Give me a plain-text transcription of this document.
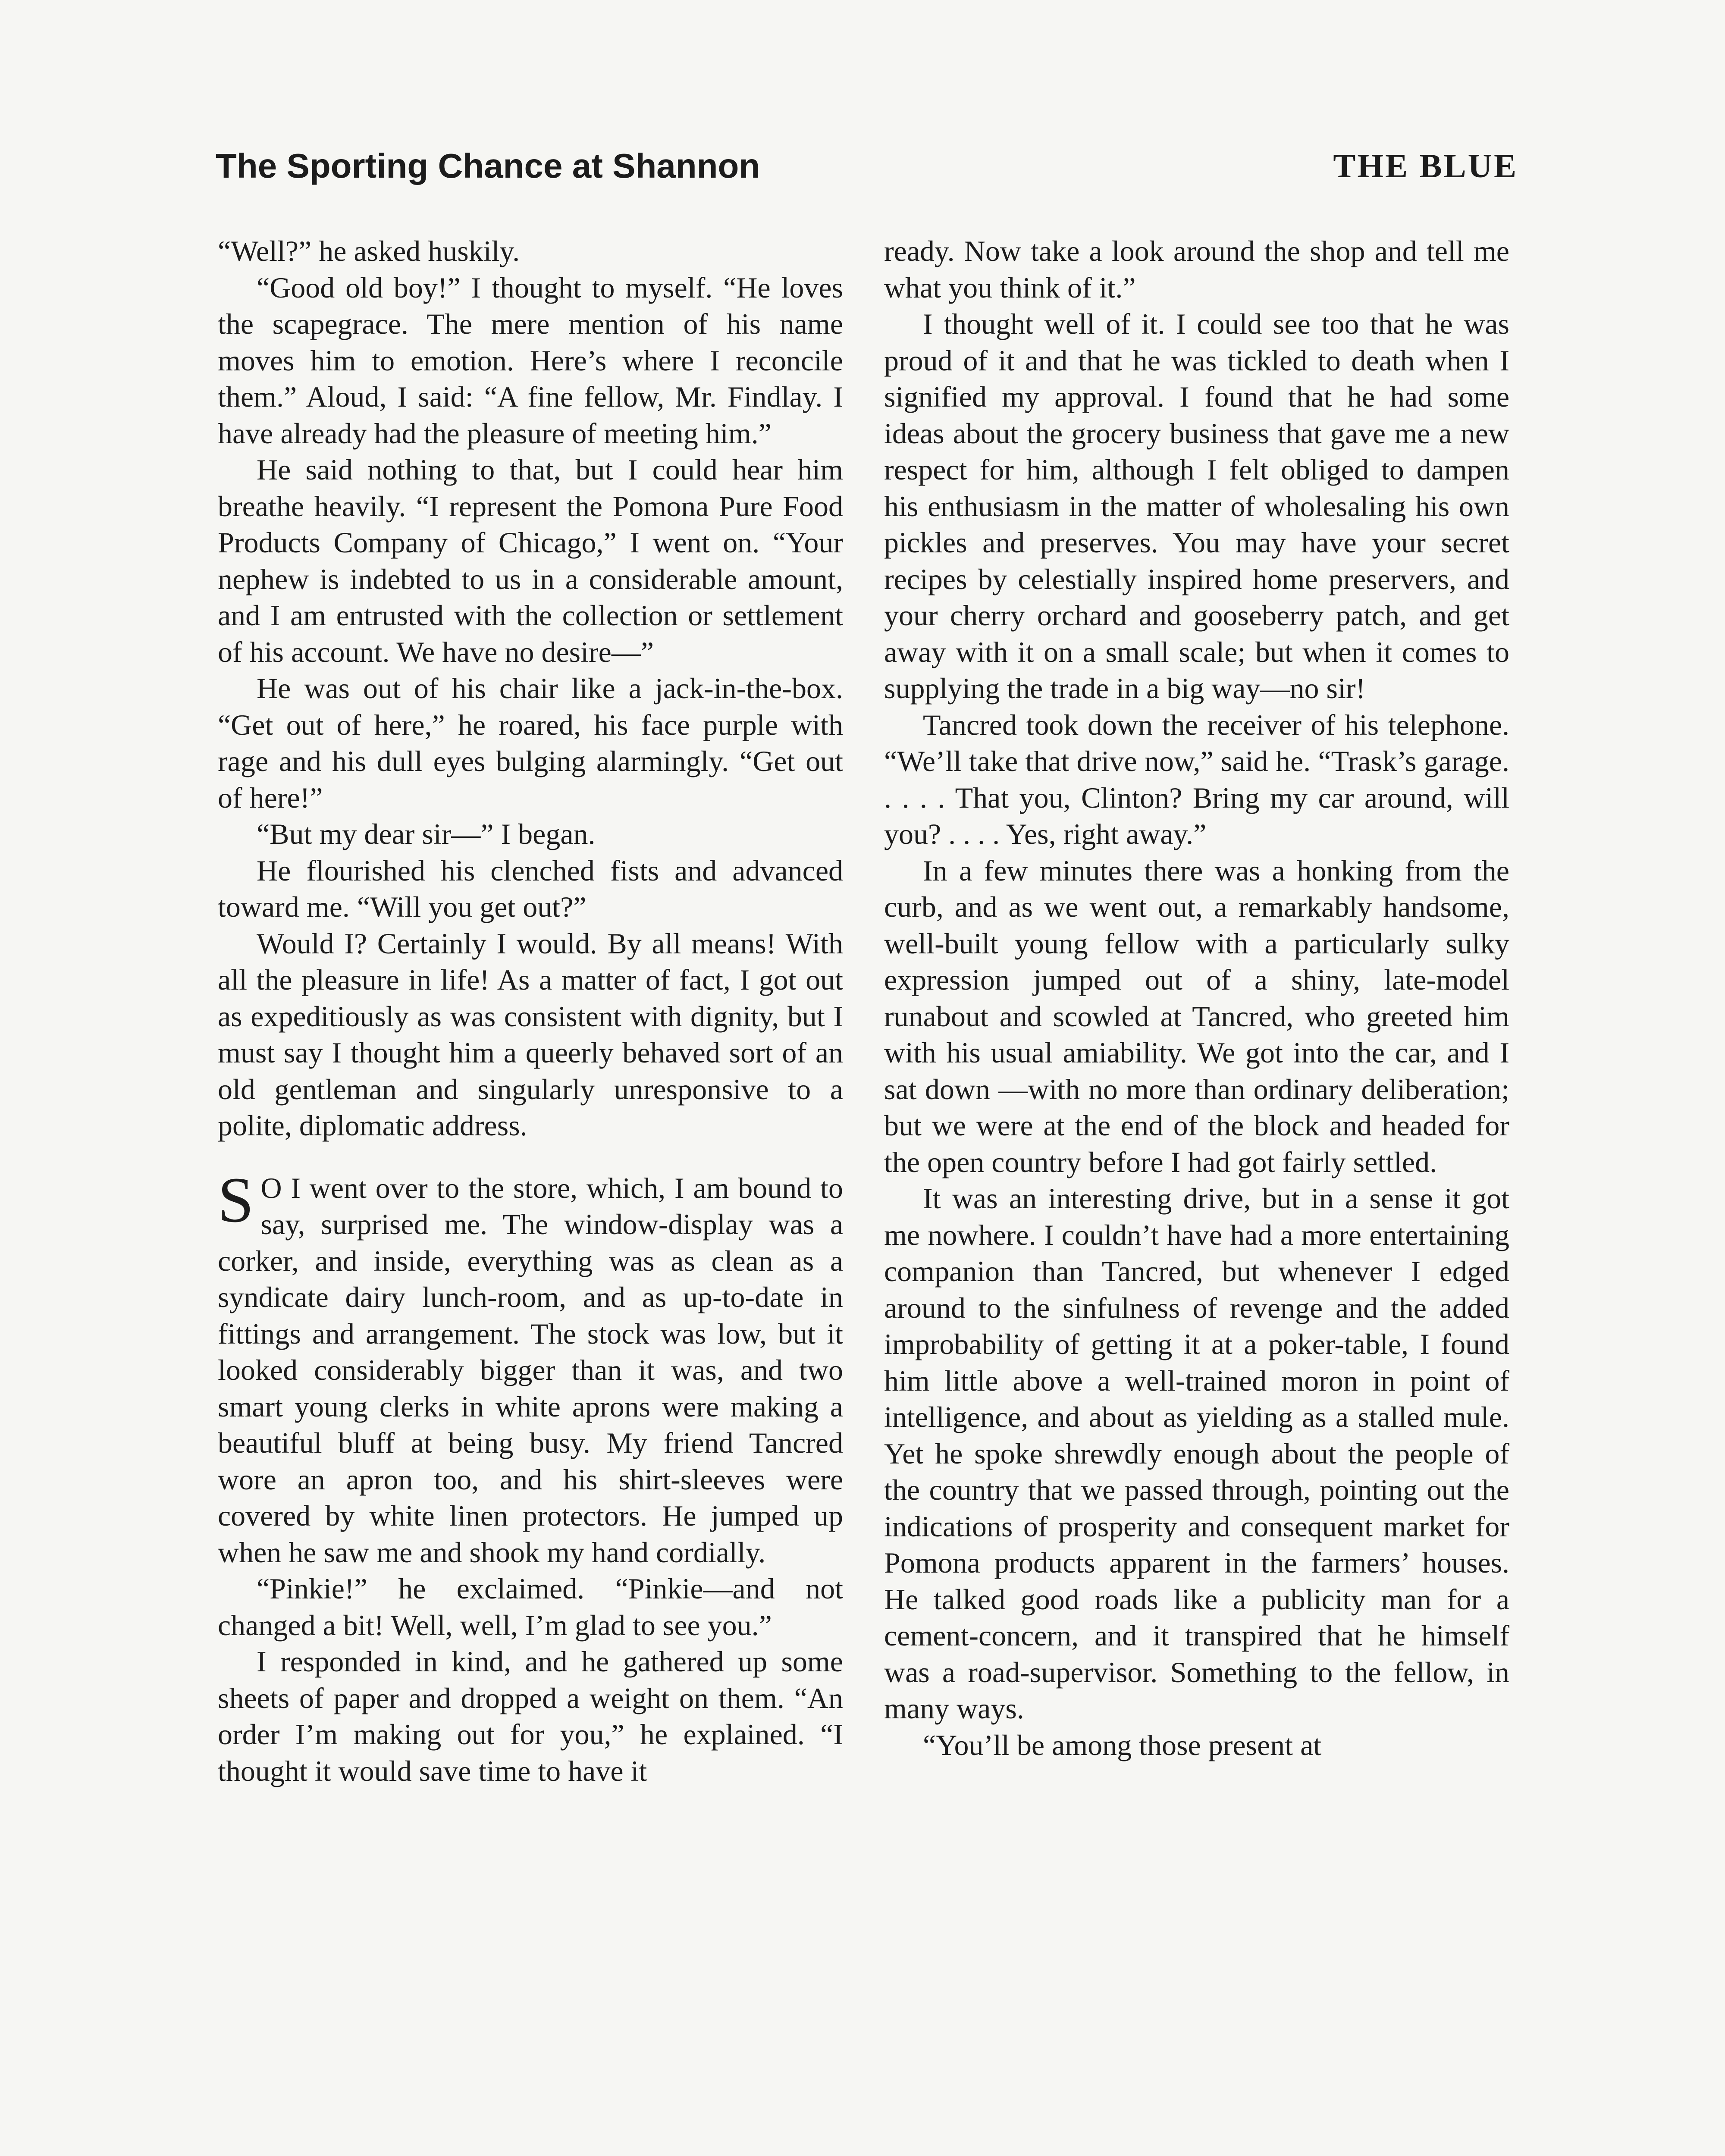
The Sporting Chance at Shannon	THE BLUE

“Well?” he asked huskily.

“Good old boy!” I thought to myself. “He loves the scapegrace. The mere mention of his name moves him to emotion. Here’s where I reconcile them.” Aloud, I said: “A fine fellow, Mr. Findlay. I have already had the pleasure of meeting him.”

He said nothing to that, but I could hear him breathe heavily. “I represent the Pomona Pure Food Products Company of Chicago,” I went on. “Your nephew is indebted to us in a considerable amount, and I am entrusted with the collection or settlement of his account. We have no desire—”

He was out of his chair like a jack-in-the-box. “Get out of here,” he roared, his face purple with rage and his dull eyes bulging alarmingly. “Get out of here!”

“But my dear sir—” I began.

He flourished his clenched fists and advanced toward me. “Will you get out?”

Would I? Certainly I would. By all means! With all the pleasure in life! As a matter of fact, I got out as expeditiously as was consistent with dignity, but I must say I thought him a queerly behaved sort of an old gentleman and singularly unresponsive to a polite, diplomatic address.

S O I went over to the store, which, I am bound to say, surprised me. The window-display was a corker, and inside, everything was as clean as a syndicate dairy lunch-room, and as up-to-date in fittings and arrangement. The stock was low, but it looked considerably bigger than it was, and two smart young clerks in white aprons were making a beautiful bluff at being busy. My friend Tancred wore an apron too, and his shirt-sleeves were covered by white linen protectors. He jumped up when he saw me and shook my hand cordially.

“Pinkie!” he exclaimed. “Pinkie—and not changed a bit! Well, well, I’m glad to see you.”

I responded in kind, and he gathered up some sheets of paper and dropped a weight on them. “An order I’m making out for you,” he explained. “I thought it would save time to have it

ready. Now take a look around the shop and tell me what you think of it.”

I thought well of it. I could see too that he was proud of it and that he was tickled to death when I signified my approval. I found that he had some ideas about the grocery business that gave me a new respect for him, although I felt obliged to dampen his enthusiasm in the matter of wholesaling his own pickles and preserves. You may have your secret recipes by celestially inspired home preservers, and your cherry orchard and gooseberry patch, and get away with it on a small scale; but when it comes to supplying the trade in a big way—no sir!

Tancred took down the receiver of his telephone. “We’ll take that drive now,” said he. “Trask’s garage. . . . . That you, Clinton? Bring my car around, will you? . . . . Yes, right away.”

In a few minutes there was a honking from the curb, and as we went out, a remarkably handsome, well-built young fellow with a particularly sulky expression jumped out of a shiny, late-model runabout and scowled at Tancred, who greeted him with his usual amiability. We got into the car, and I sat down —with no more than ordinary deliberation; but we were at the end of the block and headed for the open country before I had got fairly settled.

It was an interesting drive, but in a sense it got me nowhere. I couldn’t have had a more entertaining companion than Tancred, but whenever I edged around to the sinfulness of revenge and the added improbability of getting it at a poker-table, I found him little above a well-trained moron in point of intelligence, and about as yielding as a stalled mule. Yet he spoke shrewdly enough about the people of the country that we passed through, pointing out the indications of prosperity and consequent market for Pomona products apparent in the farmers’ houses. He talked good roads like a publicity man for a cement-concern, and it transpired that he himself was a road-supervisor. Something to the fellow, in many ways.

“You’ll be among those present at
